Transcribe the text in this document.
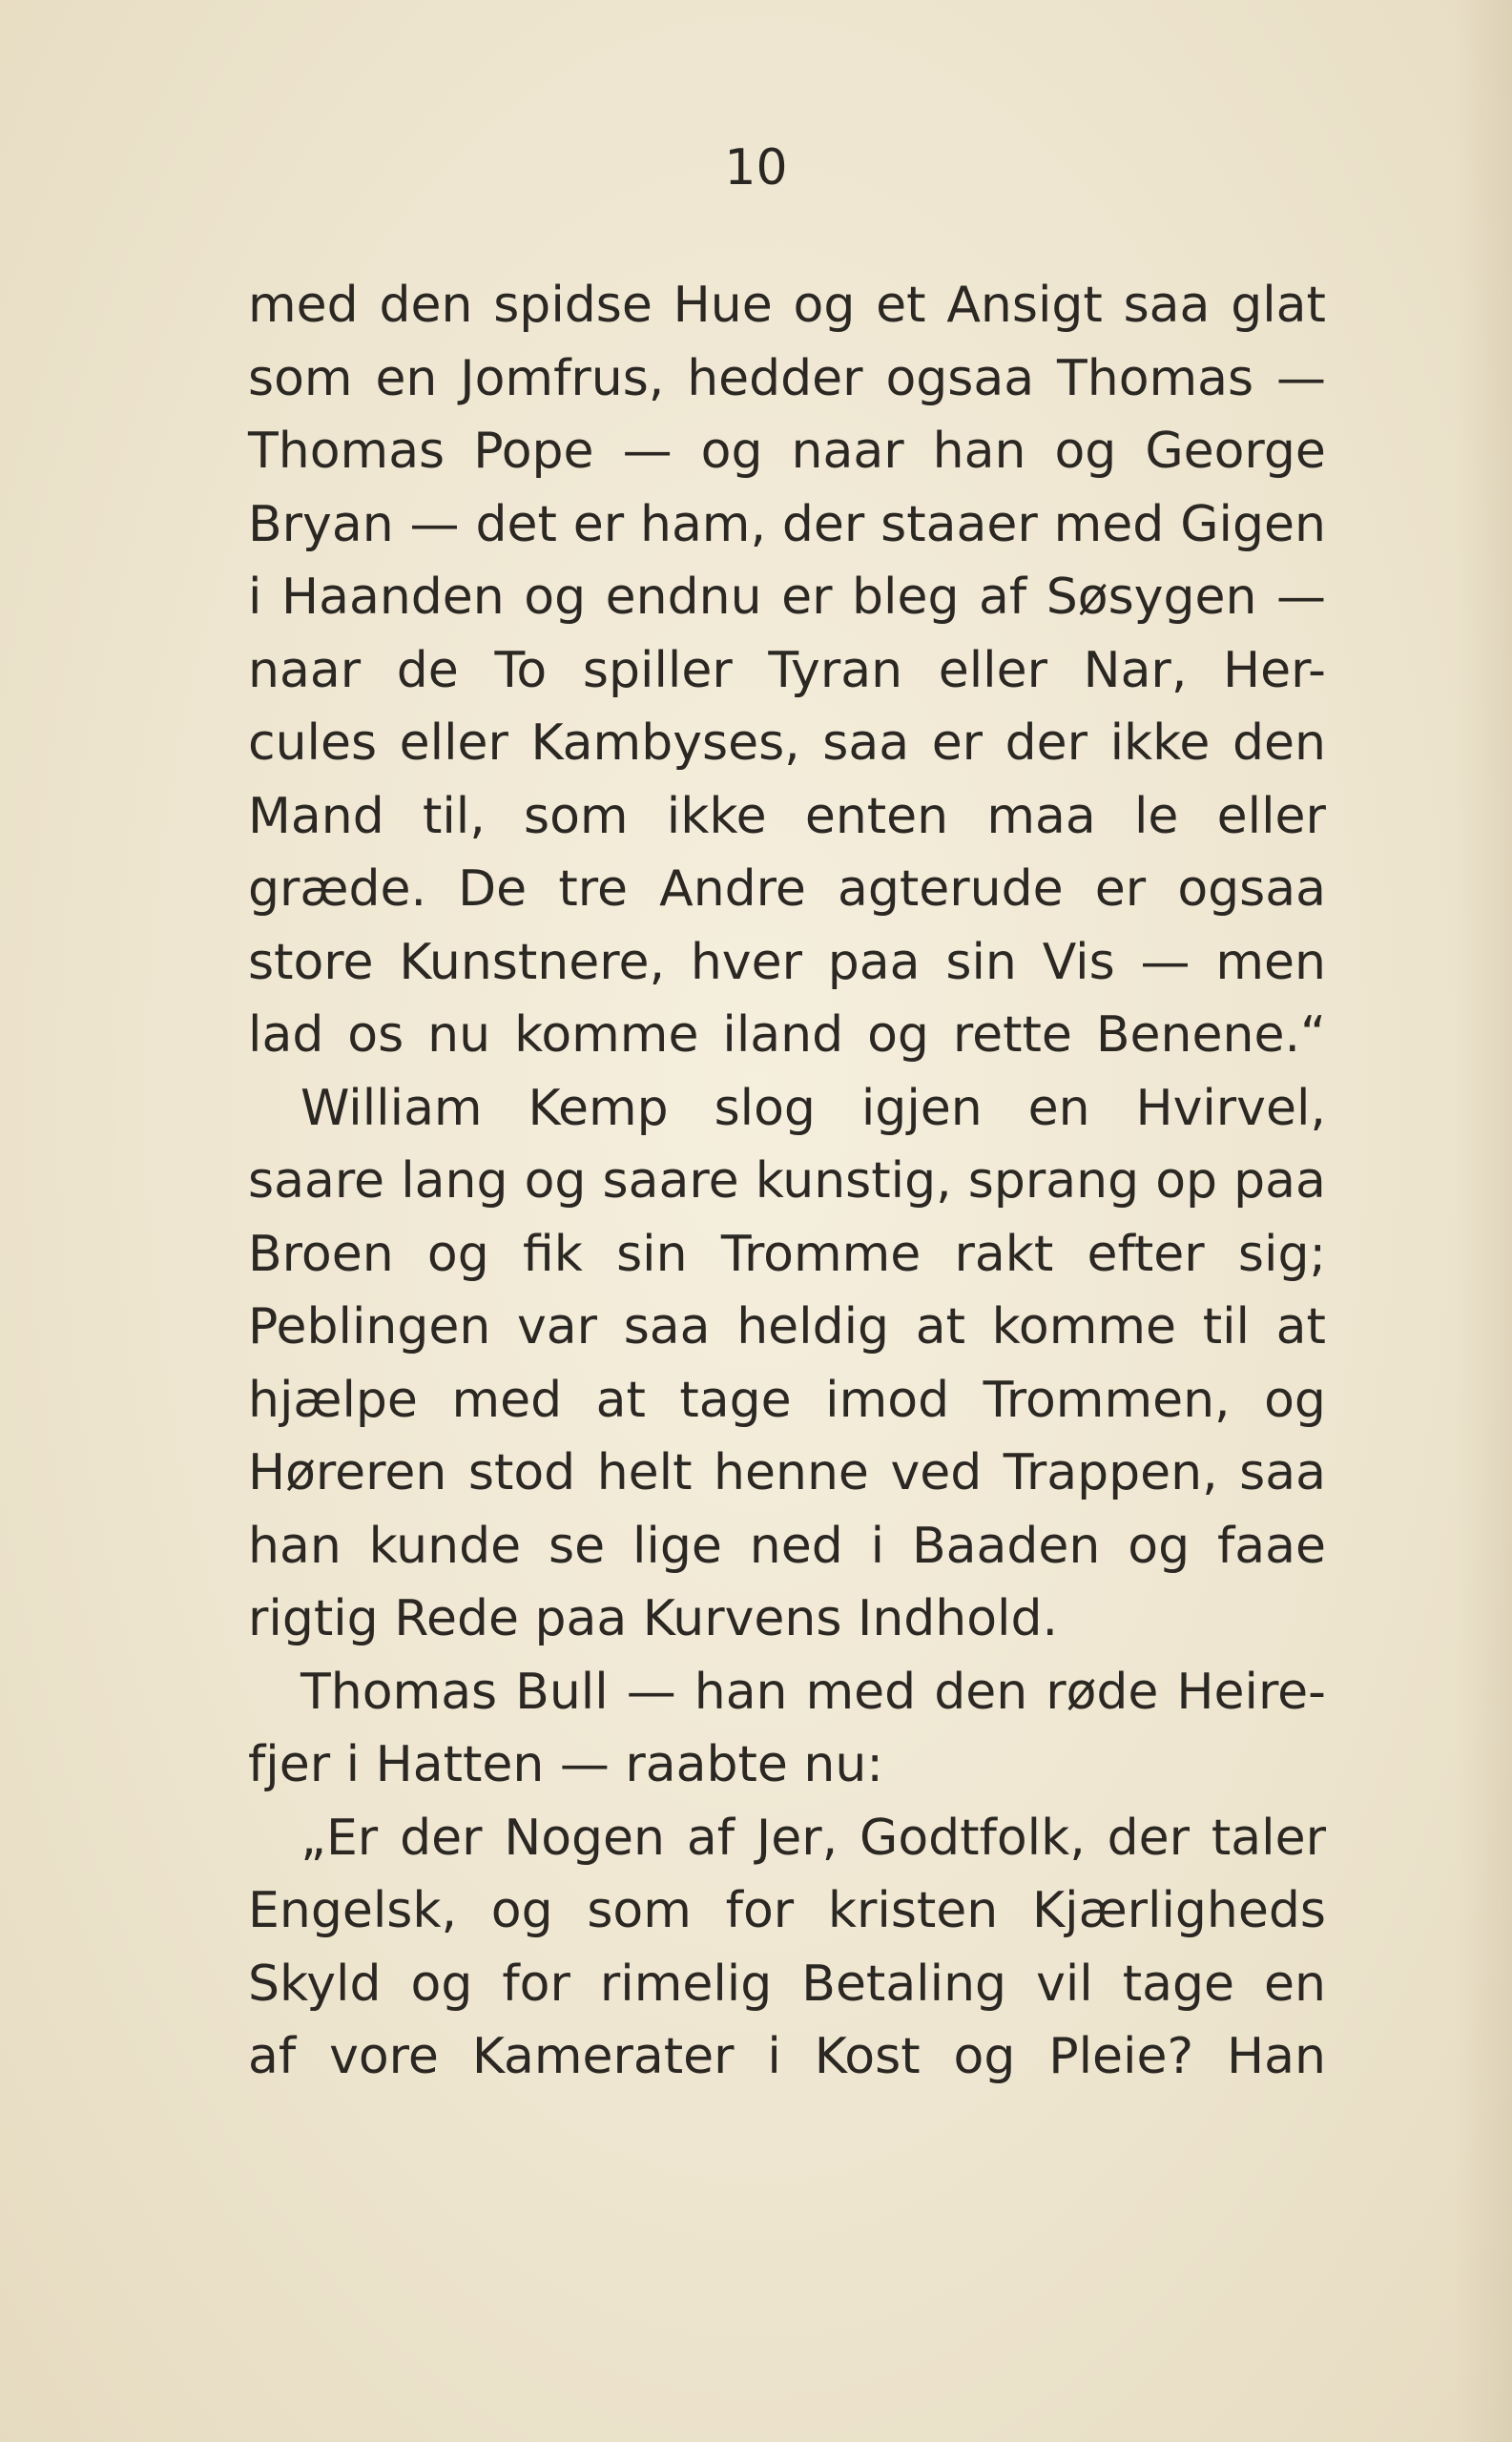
10
med den spidse Hue og et Ansigt saa glat
som en Jomfrus, hedder ogsaa Thomas —
Thomas Pope — og naar han og George
Bryan — det er ham, der staaer med Gigen
i Haanden og endnu er bleg af Søsygen —
naar de To spiller Tyran eller Nar, Her-
cules eller Kambyses, saa er der ikke den
Mand til, som ikke enten maa le eller
græde. De tre Andre agterude er ogsaa
store Kunstnere, hver paa sin Vis — men
lad os nu komme iland og rette Benene.“
William Kemp slog igjen en Hvirvel,
saare lang og saare kunstig, sprang op paa
Broen og fik sin Tromme rakt efter sig;
Peblingen var saa heldig at komme til at
hjælpe med at tage imod Trommen, og
Høreren stod helt henne ved Trappen, saa
han kunde se lige ned i Baaden og faae
rigtig Rede paa Kurvens Indhold.
Thomas Bull — han med den røde Heire-
fjer i Hatten — raabte nu:
„Er der Nogen af Jer, Godtfolk, der taler
Engelsk, og som for kristen Kjærligheds
Skyld og for rimelig Betaling vil tage en
af vore Kamerater i Kost og Pleie? Han
